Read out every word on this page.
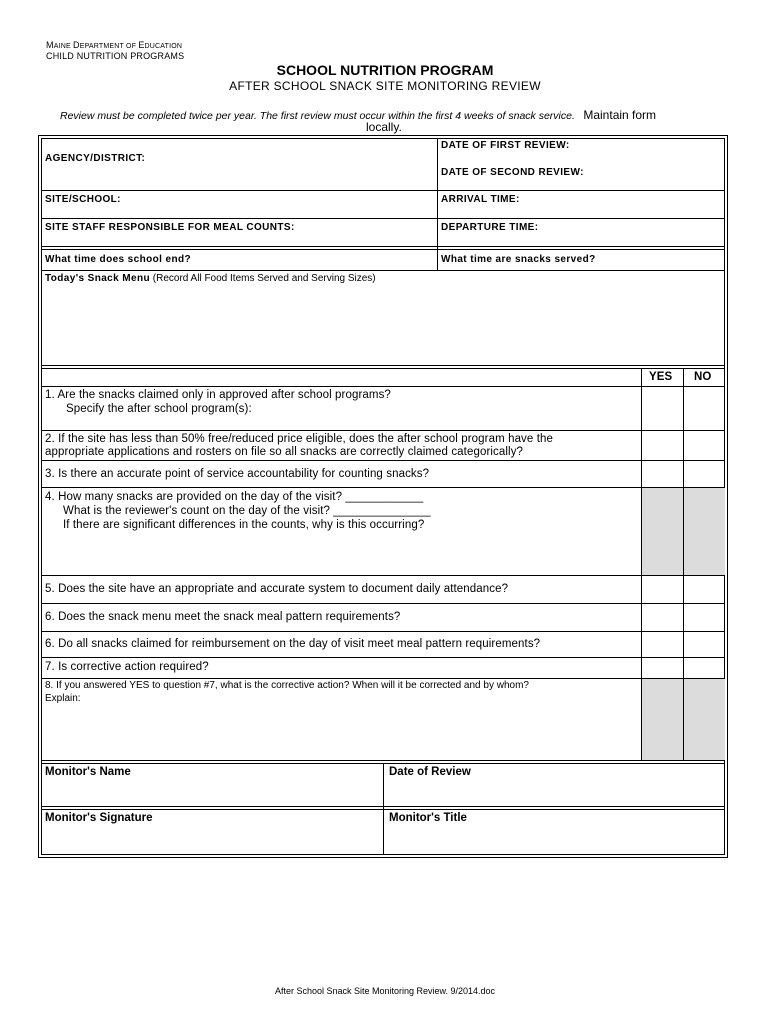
MAINE DEPARTMENT OF EDUCATION
CHILD NUTRITION PROGRAMS
SCHOOL NUTRITION PROGRAM
AFTER SCHOOL SNACK SITE MONITORING REVIEW
Review must be completed twice per year. The first review must occur within the first 4 weeks of snack service. Maintain form
locally.
AGENCY/DISTRICT:
DATE OF FIRST REVIEW:
DATE OF SECOND REVIEW:
SITE/SCHOOL:	ARRIVAL TIME:
SITE STAFF RESPONSIBLE FOR MEAL COUNTS:	DEPARTURE TIME:
What time does school end?	What time are snacks served?
Today's Snack Menu (Record All Food Items Served and Serving Sizes)
YES NO
1. Are the snacks claimed only in approved after school programs?
Specify the after school program(s):
2. If the site has less than 50% free/reduced price eligible, does the after school program have the
appropriate applications and rosters on file so all snacks are correctly claimed categorically?
3. Is there an accurate point of service accountability for counting snacks?
4. How many snacks are provided on the day of the visit? ____________
What is the reviewer's count on the day of the visit? _______________
If there are significant differences in the counts, why is this occurring?
5. Does the site have an appropriate and accurate system to document daily attendance?
6. Does the snack menu meet the snack meal pattern requirements?
6. Do all snacks claimed for reimbursement on the day of visit meet meal pattern requirements?
7. Is corrective action required?
8. If you answered YES to question #7, what is the corrective action? When will it be corrected and by whom?
Explain:
Monitor's Name	Date of Review
Monitor's Signature	Monitor's Title
After School Snack Site Monitoring Review. 9/2014.doc
